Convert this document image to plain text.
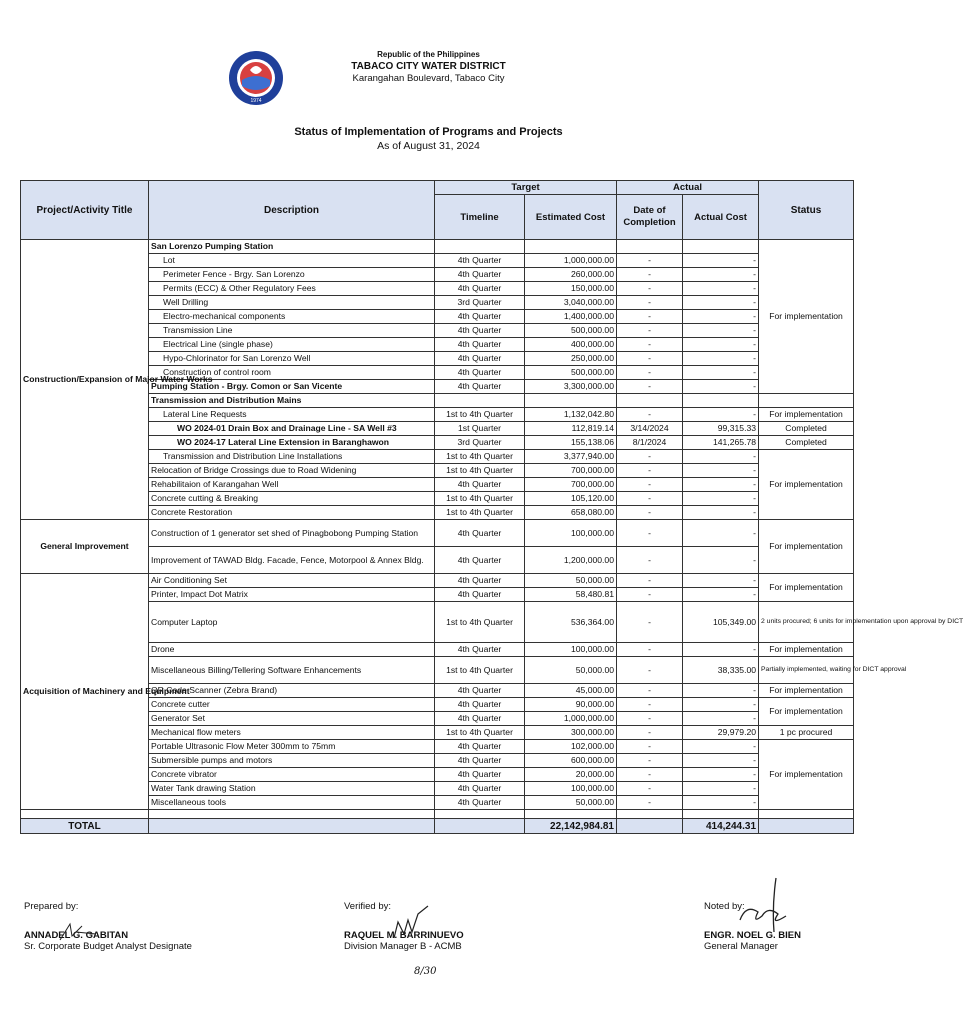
1974
Republic of the Philippines
TABACO CITY WATER DISTRICT
Karangahan Boulevard, Tabaco City
Status of Implementation of Programs and Projects
As of August 31, 2024
Project/Activity Title	Description	Target		Actual		Status
		Timeline	Estimated Cost	Date of Completion	Actual Cost	
Construction/Expansion of Major Water Works	San Lorenzo Pumping Station					For implementation
	Lot	4th Quarter	1,000,000.00	-	-	
	Perimeter Fence - Brgy. San Lorenzo	4th Quarter	260,000.00	-	-	
	Permits (ECC) & Other Regulatory Fees	4th Quarter	150,000.00	-	-	
	Well Drilling	3rd Quarter	3,040,000.00	-	-	
	Electro-mechanical components	4th Quarter	1,400,000.00	-	-	
	Transmission Line	4th Quarter	500,000.00	-	-	
	Electrical Line (single phase)	4th Quarter	400,000.00	-	-	
	Hypo-Chlorinator for San Lorenzo Well	4th Quarter	250,000.00	-	-	
	Construction of control room	4th Quarter	500,000.00	-	-	
	Pumping Station - Brgy. Comon or San Vicente	4th Quarter	3,300,000.00	-	-	
	Transmission and Distribution Mains					
	Lateral Line Requests	1st to 4th Quarter	1,132,042.80	-	-	For implementation
	WO 2024-01 Drain Box and Drainage Line - SA Well #3	1st Quarter	112,819.14	3/14/2024	99,315.33	Completed
	WO 2024-17 Lateral Line Extension in Baranghawon	3rd Quarter	155,138.06	8/1/2024	141,265.78	Completed
	Transmission and Distribution Line Installations	1st to 4th Quarter	3,377,940.00	-	-	For implementation
	Relocation of Bridge Crossings due to Road Widening	1st to 4th Quarter	700,000.00	-	-	
	Rehabilitaion of Karangahan Well	4th Quarter	700,000.00	-	-	
	Concrete cutting & Breaking	1st to 4th Quarter	105,120.00	-	-	
	Concrete Restoration	1st to 4th Quarter	658,080.00	-	-	
General Improvement	Construction of 1 generator set shed of Pinagbobong Pumping Station	4th Quarter	100,000.00	-	-	For implementation
	Improvement of TAWAD Bldg. Facade, Fence, Motorpool & Annex Bldg.	4th Quarter	1,200,000.00	-	-	
Acquisition of Machinery and Equipment	Air Conditioning Set	4th Quarter	50,000.00	-	-	For implementation
	Printer, Impact Dot Matrix	4th Quarter	58,480.81	-	-	
	Computer Laptop	1st to 4th Quarter	536,364.00	-	105,349.00	2 units procured; 6 units for implementation upon approval by DICT
	Drone	4th Quarter	100,000.00	-	-	For implementation
	Miscellaneous Billing/Tellering Software Enhancements	1st to 4th Quarter	50,000.00	-	38,335.00	Partially implemented, waiting for DICT approval
	QR Code Scanner (Zebra Brand)	4th Quarter	45,000.00	-	-	For implementation
	Concrete cutter	4th Quarter	90,000.00	-	-	For implementation
	Generator Set	4th Quarter	1,000,000.00	-	-	
	Mechanical flow meters	1st to 4th Quarter	300,000.00	-	29,979.20	1 pc procured
	Portable Ultrasonic Flow Meter 300mm to 75mm	4th Quarter	102,000.00	-	-	For implementation
	Submersible pumps and motors	4th Quarter	600,000.00	-	-	
	Concrete vibrator	4th Quarter	20,000.00	-	-	
	Water Tank drawing Station	4th Quarter	100,000.00	-	-	
	Miscellaneous tools	4th Quarter	50,000.00	-	-	

TOTAL			22,142,984.81		414,244.31	
Prepared by:
ANNADEL G. GABITAN
Sr. Corporate Budget Analyst Designate
Verified by:
RAQUEL M. BARRINUEVO
Division Manager B - ACMB
Noted by:
ENGR. NOEL G. BIEN
General Manager
8/30
